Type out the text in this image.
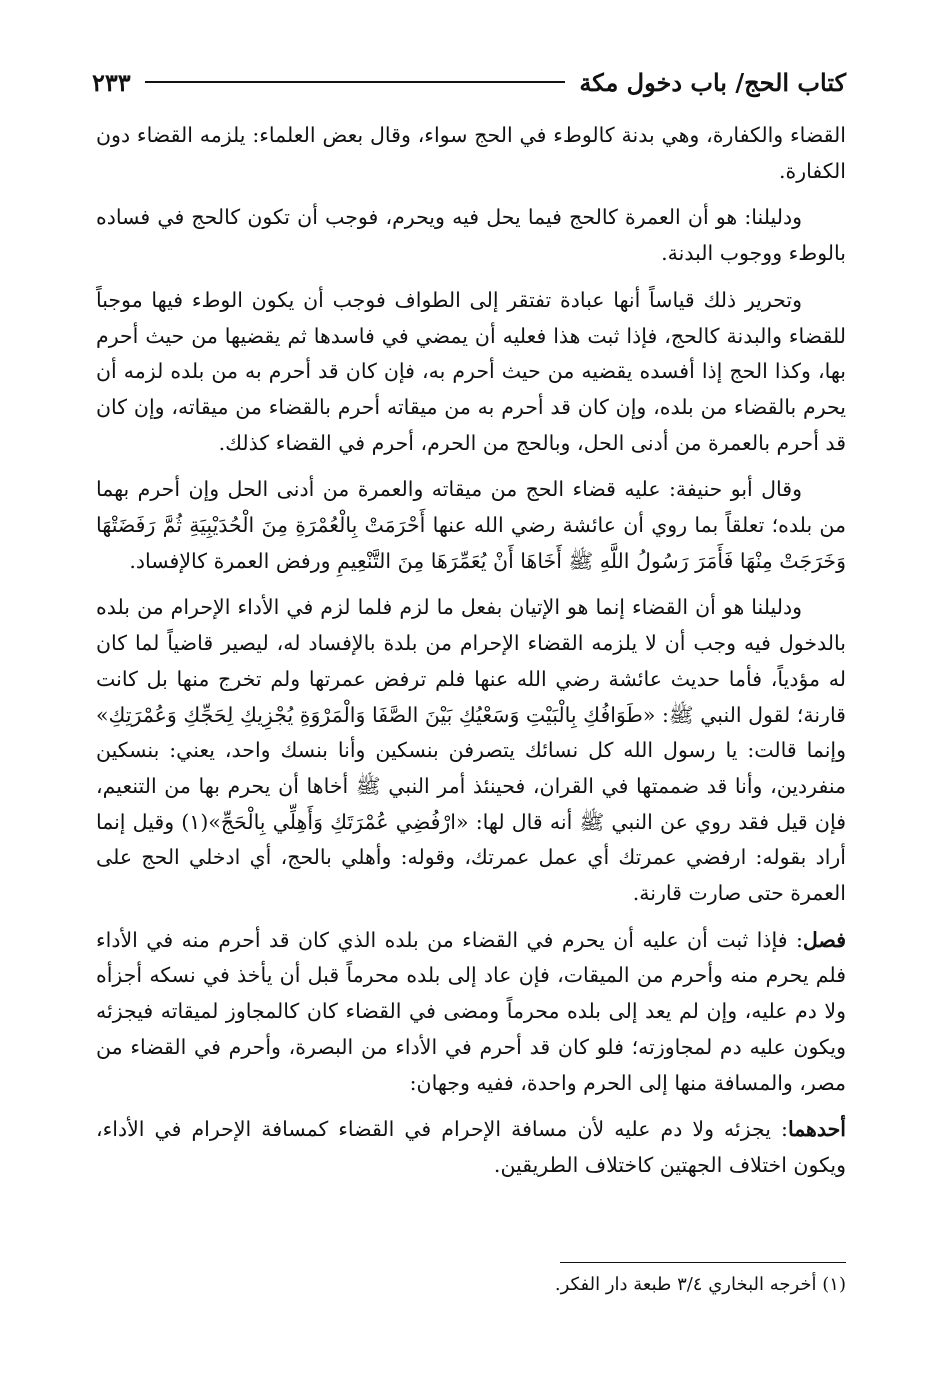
كتاب الحج/ باب دخول مكة
٢٣٣

القضاء والكفارة، وهي بدنة كالوطء في الحج سواء، وقال بعض العلماء: يلزمه القضاء دون الكفارة.

ودليلنا: هو أن العمرة كالحج فيما يحل فيه ويحرم، فوجب أن تكون كالحج في فساده بالوطء ووجوب البدنة.

وتحرير ذلك قياساً أنها عبادة تفتقر إلى الطواف فوجب أن يكون الوطء فيها موجباً للقضاء والبدنة كالحج، فإذا ثبت هذا فعليه أن يمضي في فاسدها ثم يقضيها من حيث أحرم بها، وكذا الحج إذا أفسده يقضيه من حيث أحرم به، فإن كان قد أحرم به من بلده لزمه أن يحرم بالقضاء من بلده، وإن كان قد أحرم به من ميقاته أحرم بالقضاء من ميقاته، وإن كان قد أحرم بالعمرة من أدنى الحل، وبالحج من الحرم، أحرم في القضاء كذلك.

وقال أبو حنيفة: عليه قضاء الحج من ميقاته والعمرة من أدنى الحل وإن أحرم بهما من بلده؛ تعلقاً بما روي أن عائشة رضي الله عنها أَحْرَمَتْ بِالْعُمْرَةِ مِنَ الْحُدَيْبِيَةِ ثُمَّ رَفَضَتْهَا وَخَرَجَتْ مِنْهَا فَأَمَرَ رَسُولُ اللَّهِ ﷺ أَخَاهَا أَنْ يُعَمِّرَهَا مِنَ التَّنْعِيمِ ورفض العمرة كالإفساد.

ودليلنا هو أن القضاء إنما هو الإتيان بفعل ما لزم فلما لزم في الأداء الإحرام من بلده بالدخول فيه وجب أن لا يلزمه القضاء الإحرام من بلدة بالإفساد له، ليصير قاضياً لما كان له مؤدياً، فأما حديث عائشة رضي الله عنها فلم ترفض عمرتها ولم تخرج منها بل كانت قارنة؛ لقول النبي ﷺ: «طَوَافُكِ بِالْبَيْتِ وَسَعْيُكِ بَيْنَ الصَّفَا وَالْمَرْوَةِ يُجْزِيكِ لِحَجِّكِ وَعُمْرَتِكِ» وإنما قالت: يا رسول الله كل نسائك يتصرفن بنسكين وأنا بنسك واحد، يعني: بنسكين منفردين، وأنا قد ضممتها في القران، فحينئذ أمر النبي ﷺ أخاها أن يحرم بها من التنعيم، فإن قيل فقد روي عن النبي ﷺ أنه قال لها: «ارْفُضِي عُمْرَتَكِ وَأَهِلِّي بِالْحَجِّ»(١) وقيل إنما أراد بقوله: ارفضي عمرتك أي عمل عمرتك، وقوله: وأهلي بالحج، أي ادخلي الحج على العمرة حتى صارت قارنة.

فصل: فإذا ثبت أن عليه أن يحرم في القضاء من بلده الذي كان قد أحرم منه في الأداء فلم يحرم منه وأحرم من الميقات، فإن عاد إلى بلده محرماً قبل أن يأخذ في نسكه أجزأه ولا دم عليه، وإن لم يعد إلى بلده محرماً ومضى في القضاء كان كالمجاوز لميقاته فيجزئه ويكون عليه دم لمجاوزته؛ فلو كان قد أحرم في الأداء من البصرة، وأحرم في القضاء من مصر، والمسافة منها إلى الحرم واحدة، ففيه وجهان:

أحدهما: يجزئه ولا دم عليه لأن مسافة الإحرام في القضاء كمسافة الإحرام في الأداء، ويكون اختلاف الجهتين كاختلاف الطريقين.

(١) أخرجه البخاري ٣/٤ طبعة دار الفكر.
